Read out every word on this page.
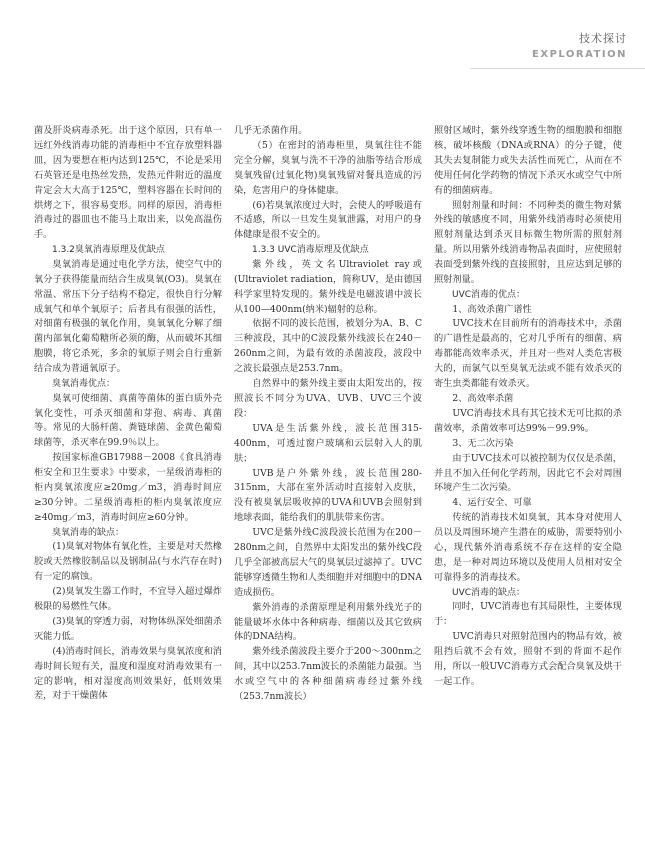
技术探讨
EXPLORATION

菌及肝炎病毒杀死。出于这个原因，只有单一远红外线消毒功能的消毒柜中不宜存放塑料器皿，因为要想在柜内达到125℃，不论是采用石英管还是电热丝发热，发热元件附近的温度肯定会大大高于125℃，塑料容器在长时间的烘烤之下，很容易变形。同样的原因，消毒柜消毒过的器皿也不能马上取出来，以免高温伤手。

1.3.2臭氧消毒原理及优缺点

臭氧消毒是通过电化学方法，使空气中的氧分子获得能量而结合生成臭氧(O3)。臭氧在常温、常压下分子结构不稳定，很快自行分解成氧气和单个氧原子；后者具有很强的活性，对细菌有极强的氧化作用，臭氧氧化分解了细菌内部氧化葡萄糖所必须的酶，从而破坏其细胞膜，将它杀死，多余的氧原子则会自行重新结合成为普通氧原子。

臭氧消毒优点：

臭氧可使细菌、真菌等菌体的蛋白质外壳氧化变性，可杀灭细菌和芽孢、病毒、真菌等。常见的大肠杆菌、粪链球菌、金黄色葡萄球菌等，杀灭率在99.9％以上。

按国家标准GB17988－2008《食具消毒柜安全和卫生要求》中要求，一星级消毒柜的柜内臭氧浓度应≥20mg／m3，消毒时间应≥30分钟。二星级消毒柜的柜内臭氧浓度应≥40mg／m3，消毒时间应≥60分钟。

臭氧消毒的缺点：

(1)臭氧对物体有氧化性，主要是对天然橡胶或天然橡胶制品以及钢制品(与水汽存在时)有一定的腐蚀。

(2)臭氧发生器工作时，不宜导入超过爆炸极限的易燃性气体。

(3)臭氧的穿透力弱，对物体纵深处细菌杀灭能力低。

(4)消毒时间长，消毒效果与臭氧浓度和消毒时间长短有关，温度和湿度对消毒效果有一定的影响，相对湿度高则效果好，低则效果差，对于干燥菌体

几乎无杀菌作用。

（5）在密封的消毒柜里，臭氧往往不能完全分解，臭氧与洗不干净的油脂等结合形成臭氧残留(过氧化物)臭氧残留对餐具造成的污染，危害用户的身体健康。

(6)若臭氧浓度过大时，会使人的呼吸道有不适感，所以一旦发生臭氧泄露，对用户的身体健康是很不安全的。

1.3.3 UVC消毒原理及优缺点

紫外线，英文名Ultraviolet ray或(Ultraviolet radiation，简称UV，是由德国科学家里特发现的。紫外线是电磁波谱中波长从100—400nm(纳米)辐射的总称。

依据不同的波长范围，被划分为A、B、C三种波段，其中的C波段紫外线波长在240－260nm之间，为最有效的杀菌波段，波段中之波长最强点是253.7nm。

自然界中的紫外线主要由太阳发出的，按照波长不同分为UVA、UVB、UVC三个波段：

UVA是生活紫外线，波长范围315-400nm，可透过窗户玻璃和云层射入人的肌肤；

UVB是户外紫外线，波长范围280-315nm，大部在室外活动时直接射入皮肤，没有被臭氧层吸收掉的UVA和UVB会照射到地球表面，能给我们的肌肤带来伤害。

UVC是紫外线C波段波长范围为在200－280nm之间，自然界中太阳发出的紫外线C段几乎全部被高层大气的臭氧层过滤掉了。UVC能够穿透微生物和人类细胞并对细胞中的DNA造成损伤。

紫外消毒的杀菌原理是利用紫外线光子的能量破坏水体中各种病毒、细菌以及其它致病体的DNA结构。

紫外线杀菌波段主要介于200～300nm之间，其中以253.7nm波长的杀菌能力最强。当水或空气中的各种细菌病毒经过紫外线（253.7nm波长）

照射区域时，紫外线穿透生物的细胞膜和细胞核，破坏核酸（DNA或RNA）的分子键，使其失去复制能力或失去活性而死亡，从而在不使用任何化学药物的情况下杀灭水或空气中所有的细菌病毒。

照射剂量和时间：不同种类的微生物对紫外线的敏感度不同，用紫外线消毒时必须使用照射剂量达到杀灭目标微生物所需的照射剂量。所以用紫外线消毒物品表面时，应使照射表面受到紫外线的直接照射，且应达到足够的照射剂量。

UVC消毒的优点：

1、高效杀菌广谱性

UVC技术在目前所有的消毒技术中，杀菌的广谱性是最高的，它对几乎所有的细菌、病毒都能高效率杀灭，并且对一些对人类危害极大的，而氯气以至臭氧无法或不能有效杀灭的寄生虫类都能有效杀灭。

2、高效率杀菌

UVC消毒技术具有其它技术无可比拟的杀菌效率，杀菌效率可达99%－99.9%。

3、无二次污染

由于UVC技术可以被控制为仅仅是杀菌，并且不加入任何化学药剂，因此它不会对周围环境产生二次污染。

4、运行安全、可靠

传统的消毒技术如臭氧，其本身对使用人员以及周围环境产生潜在的威胁，需要特别小心，现代紫外消毒系统不存在这样的安全隐患，是一种对周边环境以及使用人员相对安全可靠得多的消毒技术。

UVC消毒的缺点：

同时，UVC消毒也有其局限性，主要体现于：

UVC消毒只对照射范围内的物品有效，被阻挡后就不会有效，照射不到的背面不起作用，所以一般UVC消毒方式会配合臭氧及烘干一起工作。
